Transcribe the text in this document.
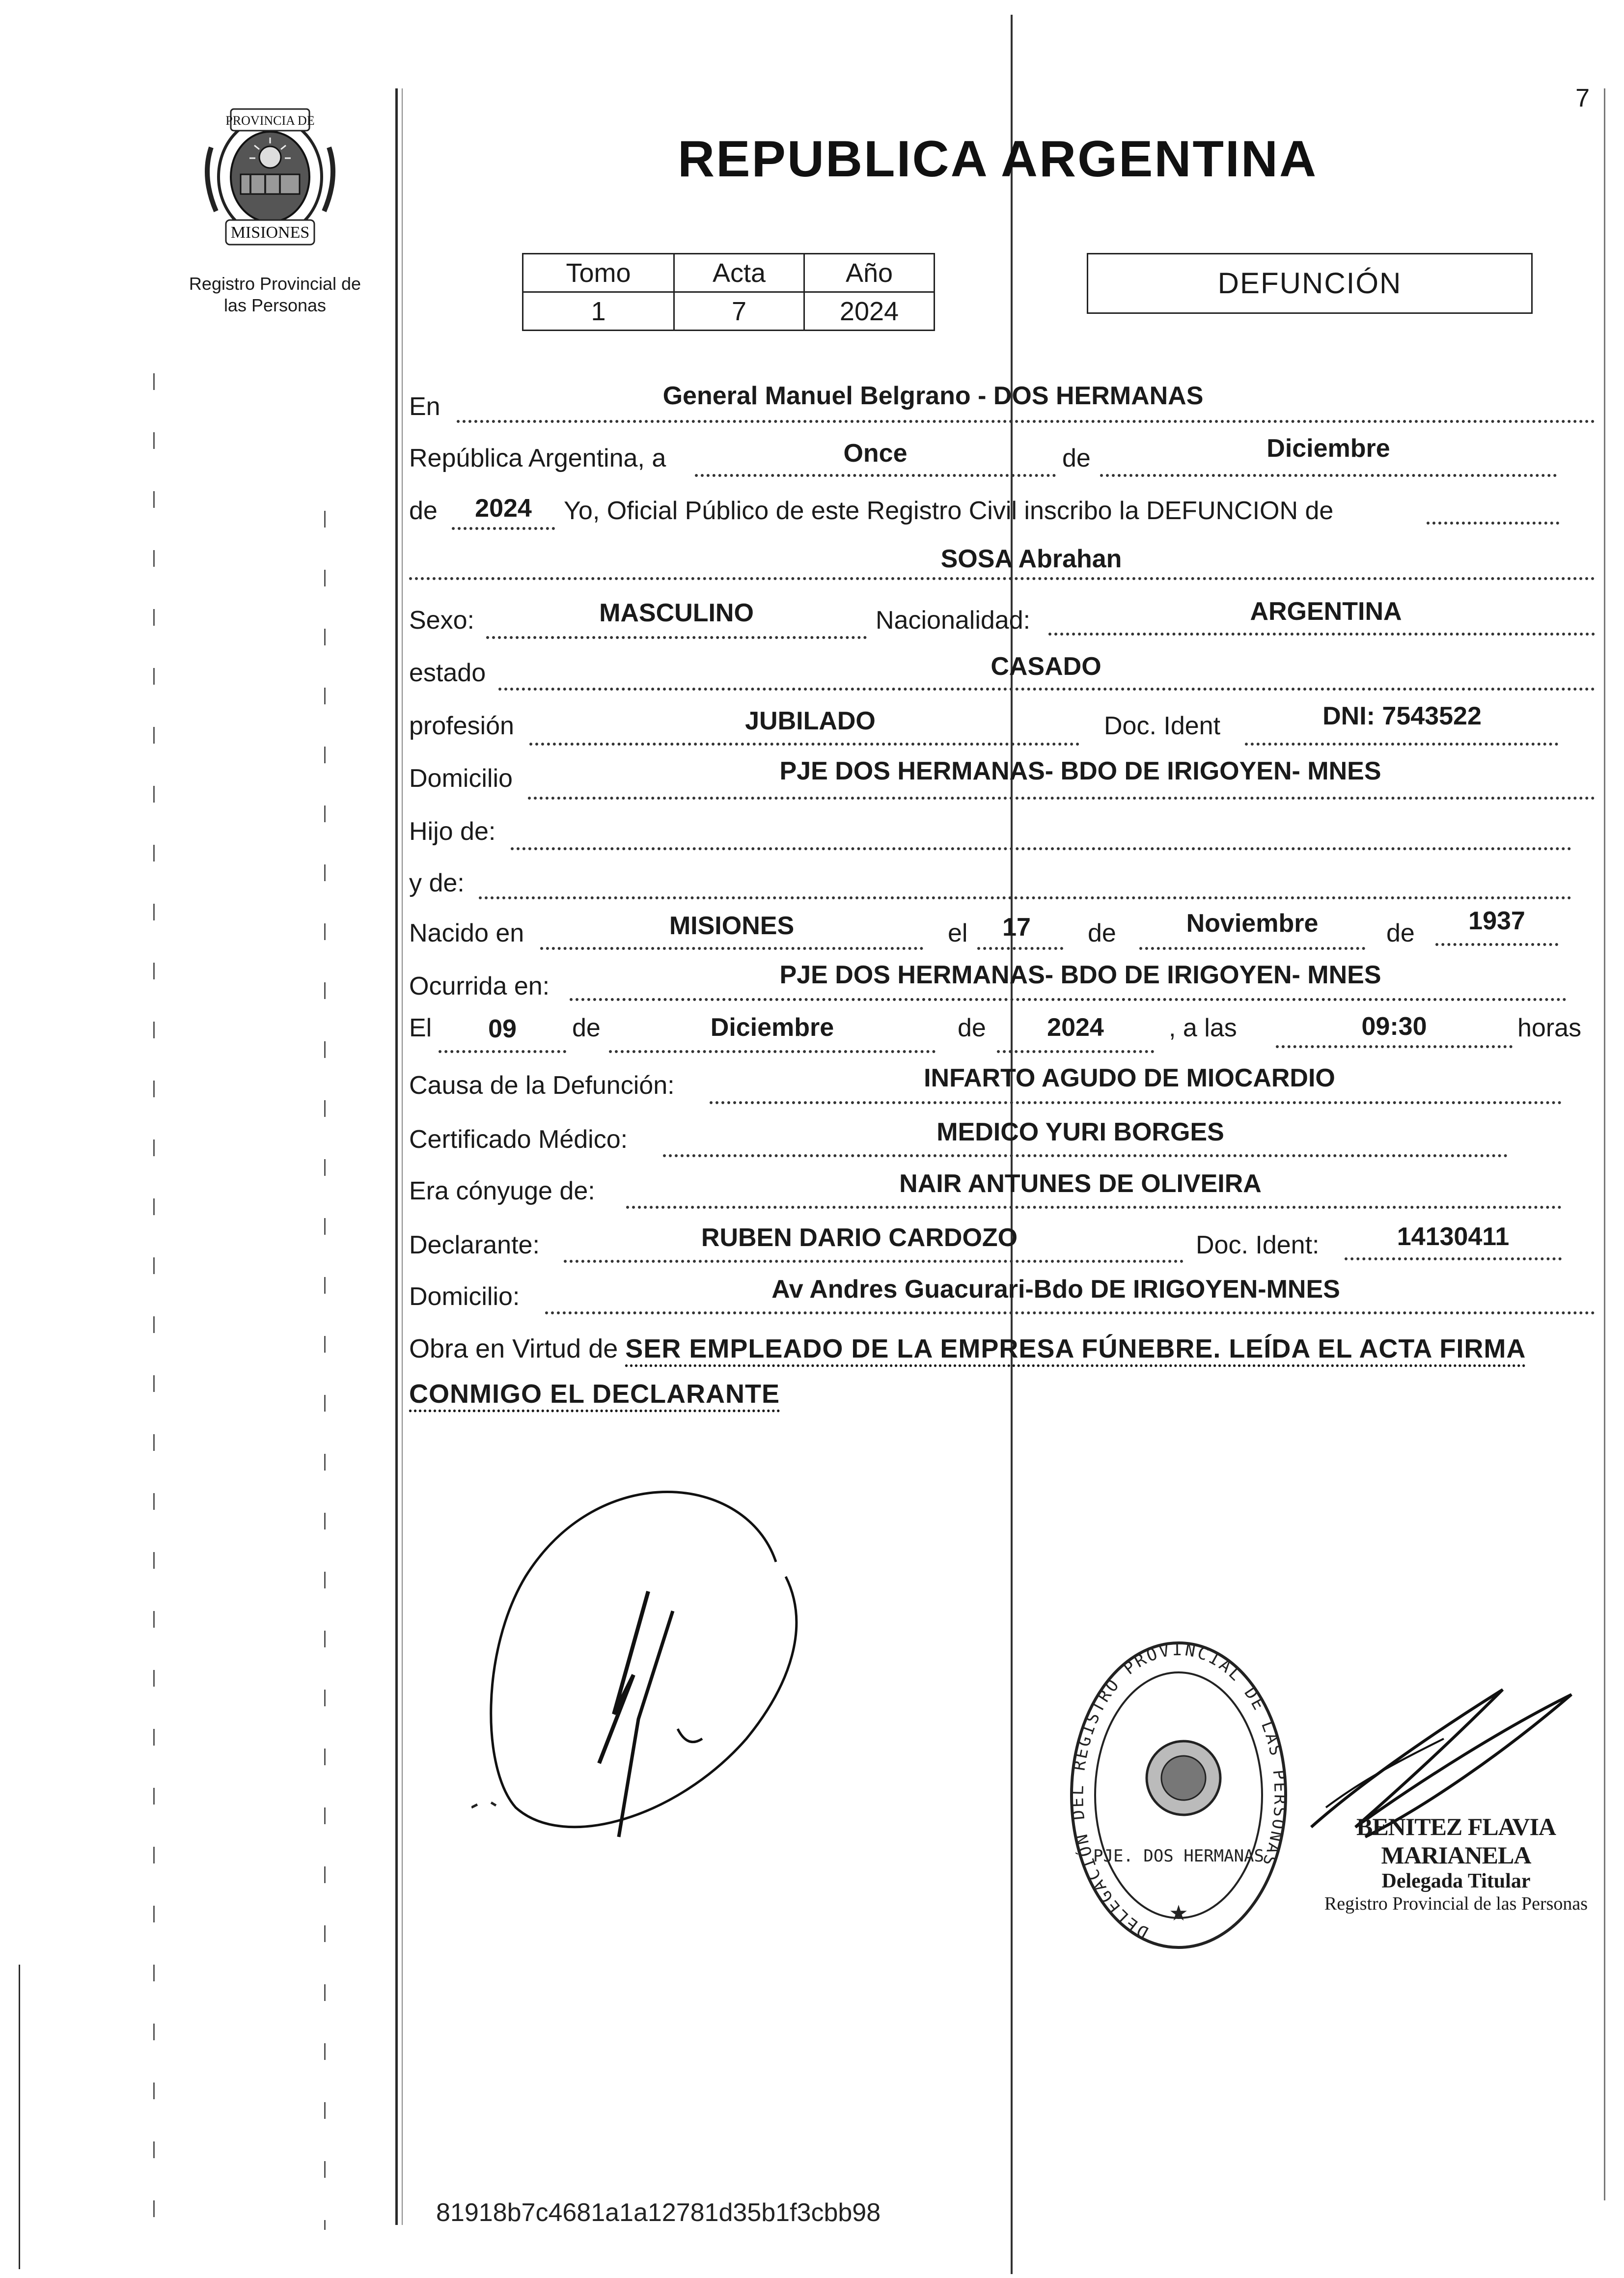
PROVINCIA DE
MISIONES
Registro Provincial de
las Personas
7
REPUBLICA ARGENTINA
Tomo	Acta	Año
1	7	2024
DEFUNCIÓN
En	General Manuel Belgrano - DOS HERMANAS
República Argentina, a	Once	de	Diciembre
de	2024	Yo, Oficial Público de este Registro Civil inscribo la DEFUNCION de
SOSA Abrahan
Sexo:	MASCULINO	Nacionalidad:	ARGENTINA
estado	CASADO
profesión	JUBILADO	Doc. Ident	DNI: 7543522
Domicilio	PJE DOS HERMANAS- BDO DE IRIGOYEN- MNES
Hijo de:
y de:
Nacido en	MISIONES	el	17	de	Noviembre	de	1937
Ocurrida en:	PJE DOS HERMANAS- BDO DE IRIGOYEN- MNES
El	09	de	Diciembre	de	2024	, a las	09:30	horas
Causa de la Defunción:	INFARTO AGUDO DE MIOCARDIO
Certificado Médico:	MEDICO YURI BORGES
Era cónyuge de:	NAIR ANTUNES DE OLIVEIRA
Declarante:	RUBEN DARIO CARDOZO	Doc. Ident:	14130411
Domicilio:	Av Andres Guacurari-Bdo DE IRIGOYEN-MNES
Obra en Virtud de SER EMPLEADO DE LA EMPRESA FÚNEBRE. LEÍDA EL ACTA FIRMA
CONMIGO EL DECLARANTE
DELEGACIÓN DEL REGISTRO PROVINCIAL DE LAS PERSONAS
PJE. DOS HERMANAS
★
BENITEZ FLAVIA MARIANELA
Delegada Titular
Registro Provincial de las Personas
81918b7c4681a1a12781d35b1f3cbb98
